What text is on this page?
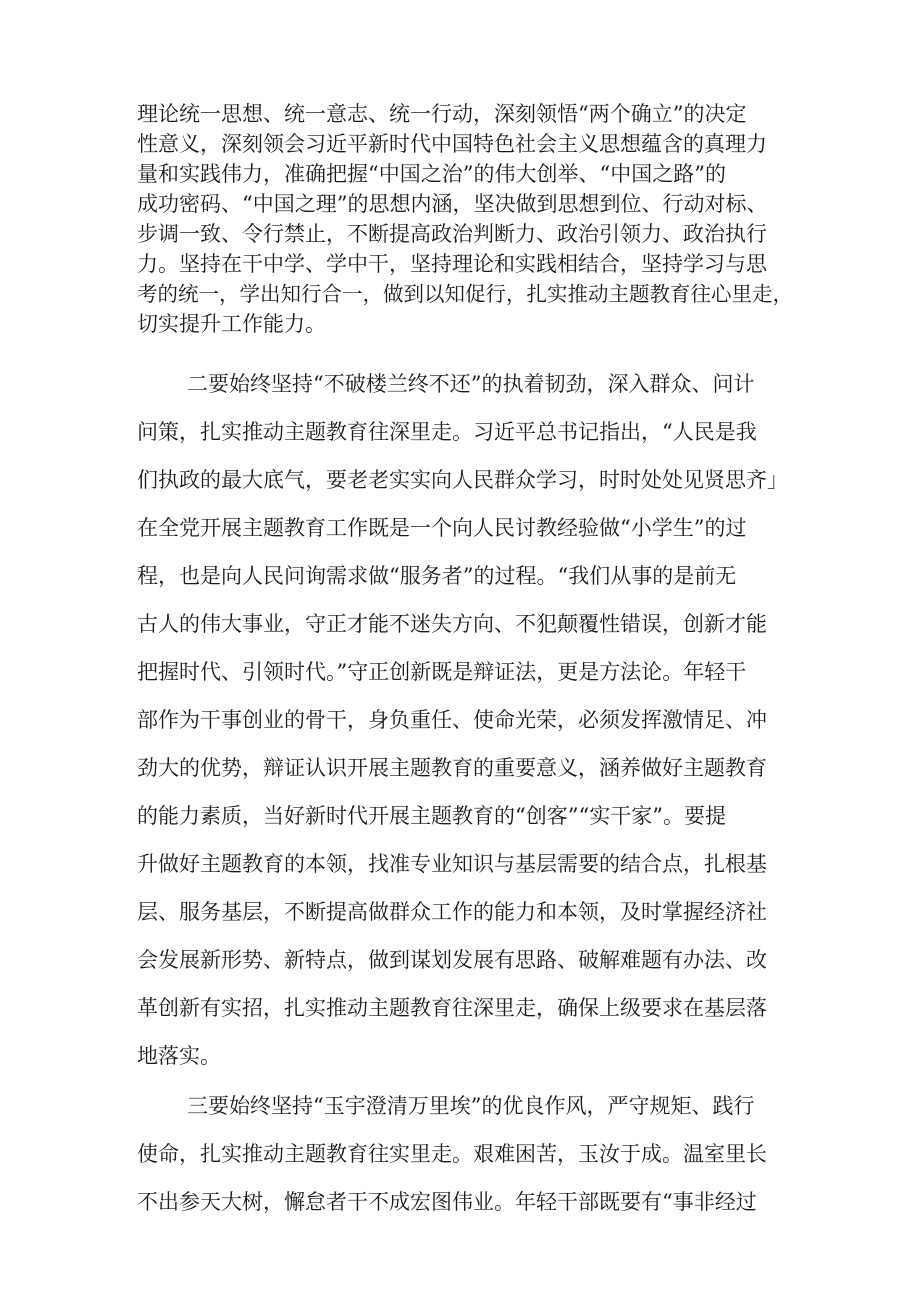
理论统一思想、统一意志、统一行动，深刻领悟“两个确立”的决定

性意义，深刻领会习近平新时代中国特色社会主义思想蕴含的真理力

量和实践伟力，准确把握“中国之治”的伟大创举、“中国之路”的

成功密码、“中国之理”的思想内涵，坚决做到思想到位、行动对标、

步调一致、令行禁止，不断提高政治判断力、政治引领力、政治执行

力。坚持在干中学、学中干，坚持理论和实践相结合，坚持学习与思

考的统一，学出知行合一，做到以知促行，扎实推动主题教育往心里走，

切实提升工作能力。

二要始终坚持“不破楼兰终不还”的执着韧劲，深入群众、问计

问策，扎实推动主题教育往深里走。习近平总书记指出，“人民是我

们执政的最大底气，要老老实实向人民群众学习，时时处处见贤思齐」

在全党开展主题教育工作既是一个向人民讨教经验做“小学生”的过

程，也是向人民问询需求做“服务者”的过程。“我们从事的是前无

古人的伟大事业，守正才能不迷失方向、不犯颠覆性错误，创新才能

把握时代、引领时代。”守正创新既是辩证法，更是方法论。年轻干

部作为干事创业的骨干，身负重任、使命光荣，必须发挥激情足、冲

劲大的优势，辩证认识开展主题教育的重要意义，涵养做好主题教育

的能力素质，当好新时代开展主题教育的“创客”“实干家”。要提

升做好主题教育的本领，找准专业知识与基层需要的结合点，扎根基

层、服务基层，不断提高做群众工作的能力和本领，及时掌握经济社

会发展新形势、新特点，做到谋划发展有思路、破解难题有办法、改

革创新有实招，扎实推动主题教育往深里走，确保上级要求在基层落

地落实。

三要始终坚持“玉宇澄清万里埃”的优良作风，严守规矩、践行

使命，扎实推动主题教育往实里走。艰难困苦，玉汝于成。温室里长

不出参天大树，懈怠者干不成宏图伟业。年轻干部既要有“事非经过
